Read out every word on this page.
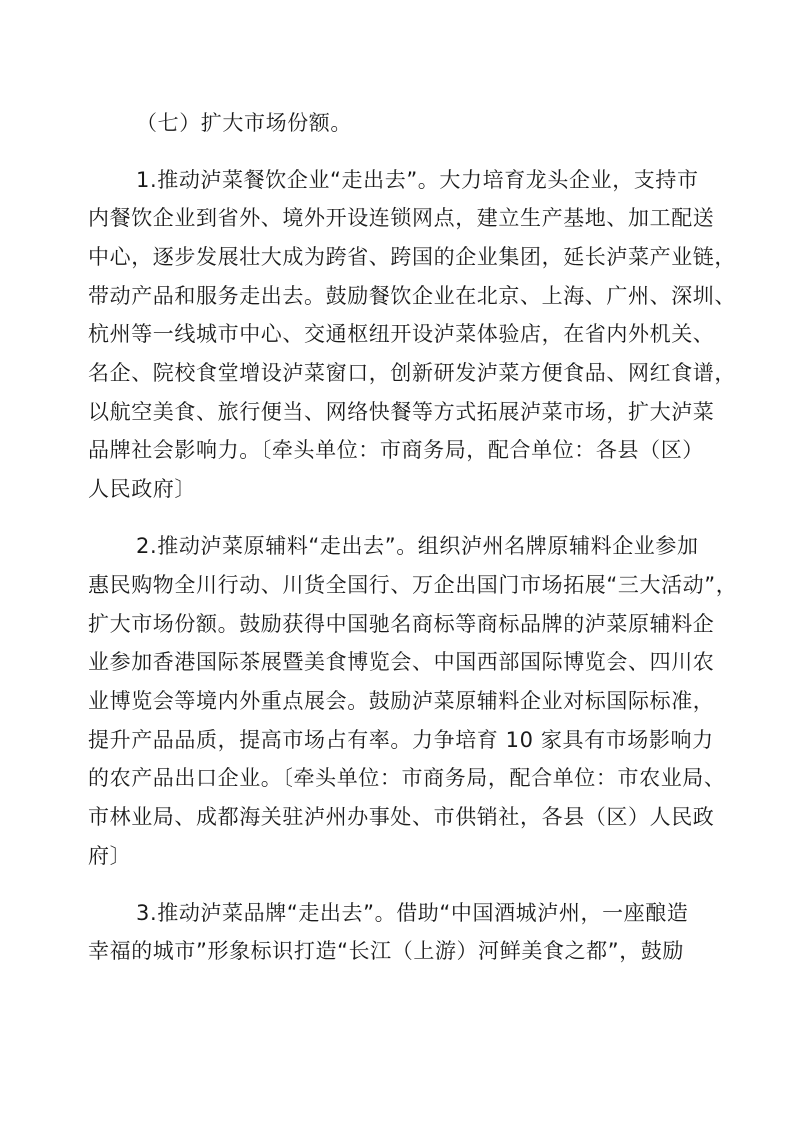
（七）扩大市场份额。
1.推动泸菜餐饮企业“走出去”。大力培育龙头企业，支持市
内餐饮企业到省外、境外开设连锁网点，建立生产基地、加工配送
中心，逐步发展壮大成为跨省、跨国的企业集团，延长泸菜产业链，
带动产品和服务走出去。鼓励餐饮企业在北京、上海、广州、深圳、
杭州等一线城市中心、交通枢纽开设泸菜体验店，在省内外机关、
名企、院校食堂增设泸菜窗口，创新研发泸菜方便食品、网红食谱，
以航空美食、旅行便当、网络快餐等方式拓展泸菜市场，扩大泸菜
品牌社会影响力。〔牵头单位：市商务局，配合单位：各县（区）
人民政府〕
2.推动泸菜原辅料“走出去”。组织泸州名牌原辅料企业参加
惠民购物全川行动、川货全国行、万企出国门市场拓展“三大活动”，
扩大市场份额。鼓励获得中国驰名商标等商标品牌的泸菜原辅料企
业参加香港国际茶展暨美食博览会、中国西部国际博览会、四川农
业博览会等境内外重点展会。鼓励泸菜原辅料企业对标国际标准，
提升产品品质，提高市场占有率。力争培育 10 家具有市场影响力
的农产品出口企业。〔牵头单位：市商务局，配合单位：市农业局、
市林业局、成都海关驻泸州办事处、市供销社，各县（区）人民政
府〕
3.推动泸菜品牌“走出去”。借助“中国酒城泸州，一座酿造
幸福的城市”形象标识打造“长江（上游）河鲜美食之都”，鼓励
